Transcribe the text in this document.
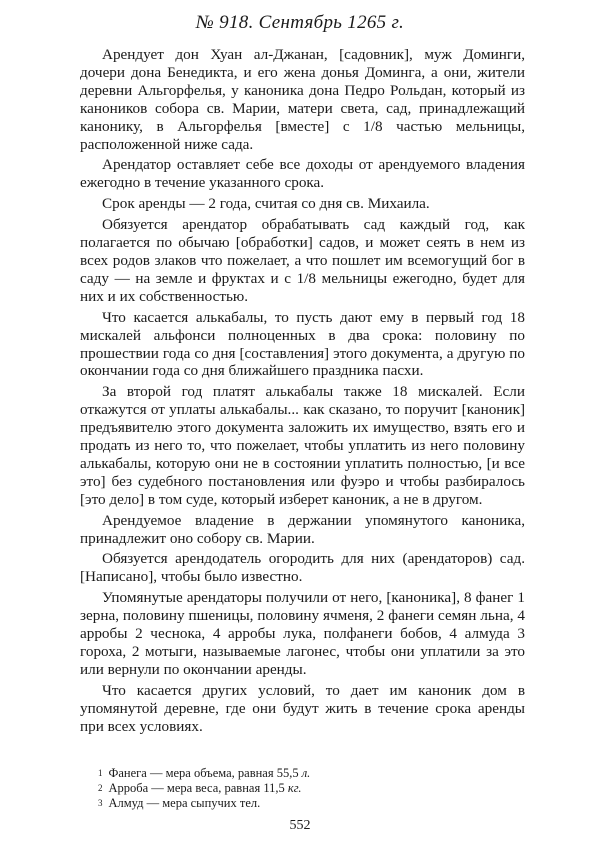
№ 918. Сентябрь 1265 г.

Арендует дон Хуан ал-Джанан, [садовник], муж Доминги, дочери дона Бенедикта, и его жена донья Доминга, а они, жители деревни Альгорфелья, у каноника дона Педро Рольдан, который из каноников собора св. Марии, матери света, сад, принадлежащий канонику, в Альгорфелья [вместе] с 1/8 частью мельницы, расположенной ниже сада.

Арендатор оставляет себе все доходы от арендуемого владения ежегодно в течение указанного срока.

Срок аренды — 2 года, считая со дня св. Михаила.

Обязуется арендатор обрабатывать сад каждый год, как полагается по обычаю [обработки] садов, и может сеять в нем из всех родов злаков что пожелает, а что пошлет им всемогущий бог в саду — на земле и фруктах и с 1/8 мельницы ежегодно, будет для них и их собственностью.

Что касается алькабалы, то пусть дают ему в первый год 18 мискалей альфонси полноценных в два срока: половину по прошествии года со дня [составления] этого документа, а другую по окончании года со дня ближайшего праздника пасхи.

За второй год платят алькабалы также 18 мискалей. Если откажутся от уплаты алькабалы... как сказано, то поручит [каноник] предъявителю этого документа заложить их имущество, взять его и продать из него то, что пожелает, чтобы уплатить из него половину алькабалы, которую они не в состоянии уплатить полностью, [и все это] без судебного постановления или фуэро и чтобы разбиралось [это дело] в том суде, который изберет каноник, а не в другом.

Арендуемое владение в держании упомянутого каноника, принадлежит оно собору св. Марии.

Обязуется арендодатель огородить для них (арендаторов) сад. [Написано], чтобы было известно.

Упомянутые арендаторы получили от него, [каноника], 8 фанег 1 зерна, половину пшеницы, половину ячменя, 2 фанеги семян льна, 4 арробы 2 чеснока, 4 арробы лука, полфанеги бобов, 4 алмуда 3 гороха, 2 мотыги, называемые лагонес, чтобы они уплатили за это или вернули по окончании аренды.

Что касается других условий, то дает им каноник дом в упомянутой деревне, где они будут жить в течение срока аренды при всех условиях.

$^1$ Фанега — мера объема, равная 55,5 л.
$^2$ Арроба — мера веса, равная 11,5 кг.
$^3$ Алмуд — мера сыпучих тел.
552
